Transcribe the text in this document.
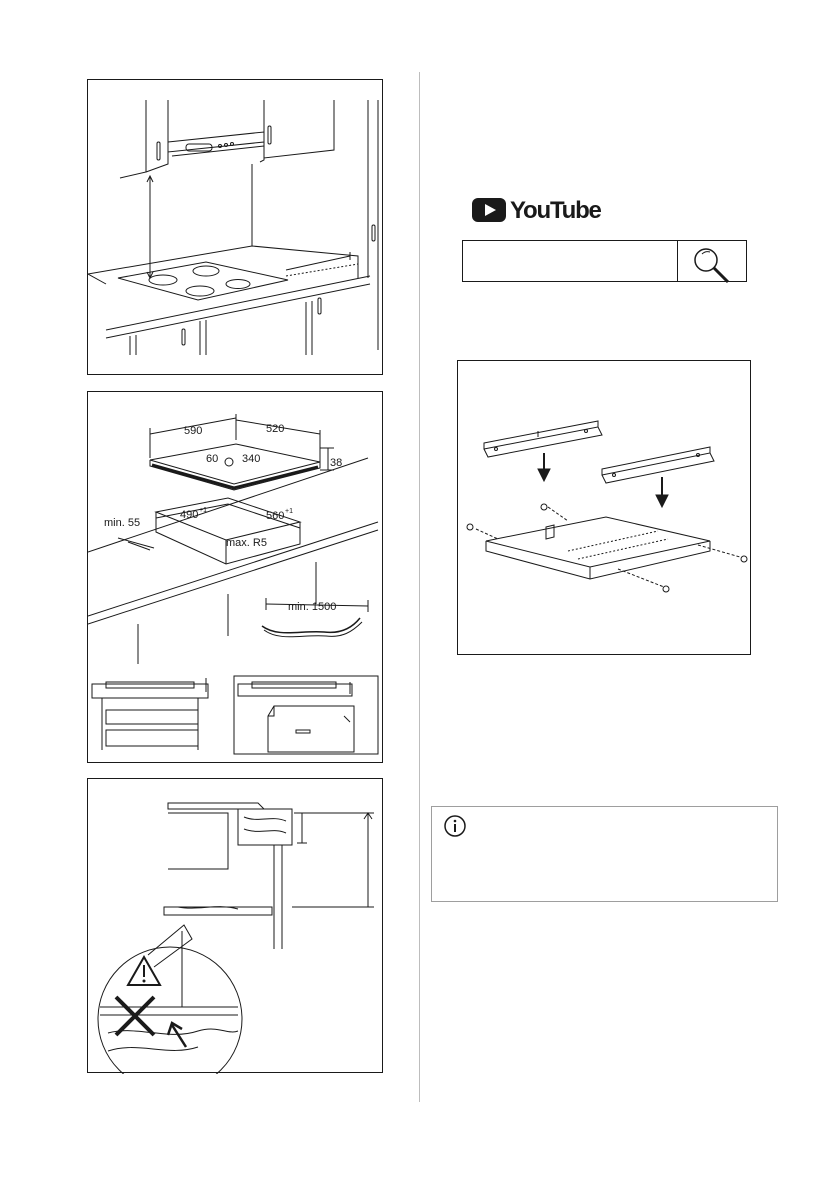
590	520
60 340	38
490 +1	560 +1
min. 55
max. R5
min. 1500
YouTube
